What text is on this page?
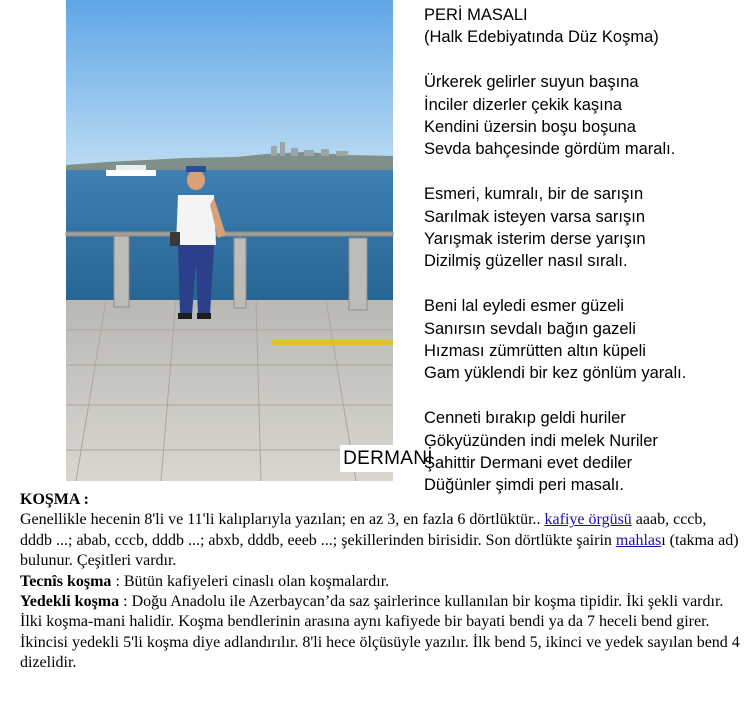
DERMANİ
PERİ MASALI
(Halk Edebiyatında Düz Koşma)
Ürkerek gelirler suyun başına
İnciler dizerler çekik kaşına
Kendini üzersin boşu boşuna
Sevda bahçesinde gördüm maralı.
Esmeri, kumralı, bir de sarışın
Sarılmak isteyen varsa sarışın
Yarışmak isterim derse yarışın
Dizilmiş güzeller nasıl sıralı.
Beni lal eyledi esmer güzeli
Sanırsın sevdalı bağın gazeli
Hızması zümrütten altın küpeli
Gam yüklendi bir kez gönlüm yaralı.
Cenneti bırakıp geldi huriler
Gökyüzünden indi melek Nuriler
Şahittir Dermani evet dediler
Düğünler şimdi peri masalı.

KOŞMA :

Genellikle hecenin 8'li ve 11'li kalıplarıyla yazılan; en az 3, en fazla 6 dörtlüktür.. kafiye örgüsü aaab, cccb, dddb ...; abab, cccb, dddb ...; abxb, dddb, eeeb ...; şekillerinden birisidir. Son dörtlükte şairin mahlası (takma ad) bulunur. Çeşitleri vardır.

Tecnîs koşma : Bütün kafiyeleri cinaslı olan koşmalardır.

Yedekli koşma : Doğu Anadolu ile Azerbaycan’da saz şairlerince kullanılan bir koşma tipidir. İki şekli vardır. İlki koşma-mani halidir. Koşma bendlerinin arasına aynı kafiyede bir bayati bendi ya da 7 heceli bend girer. İkincisi yedekli 5'li koşma diye adlandırılır. 8'li hece ölçüsüyle yazılır. İlk bend 5, ikinci ve yedek sayılan bend 4 dizelidir.
